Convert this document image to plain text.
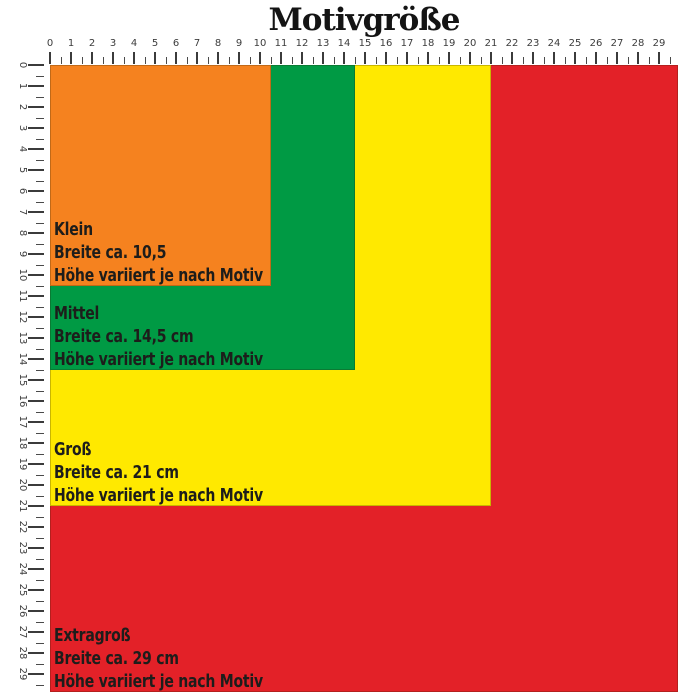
Motivgröße
0 1 2 3 4 5 6 7 8 9 10 11 12 13 14 15 16 17 18 19 20 21 22 23 24 25 26 27 28 29
0
1
2
3
4
5
6
7
8
9
10
11
12
13
14
15
16
17
18
19
20
21
22
23
24
25
26
27
28
29
Klein
Breite ca. 10,5
Höhe variiert je nach Motiv
Mittel
Breite ca. 14,5 cm
Höhe variiert je nach Motiv
Groß
Breite ca. 21 cm
Höhe variiert je nach Motiv
Extragroß
Breite ca. 29 cm
Höhe variiert je nach Motiv
